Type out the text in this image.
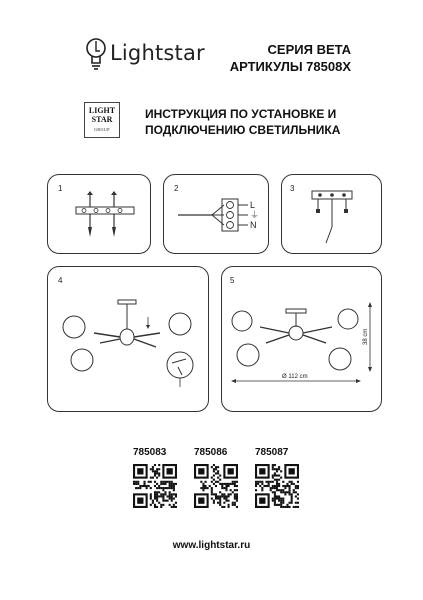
Lightstar	СЕРИЯ BETA
АРТИКУЛЫ 78508X
LIGHT
STAR
GROUP
ИНСТРУКЦИЯ ПО УСТАНОВКЕ И
ПОДКЛЮЧЕНИЮ СВЕТИЛЬНИКА
1	2
L
⏚
N
3
4	5
Ø 112 cm
38 cm
785083	785086	785087
www.lightstar.ru
